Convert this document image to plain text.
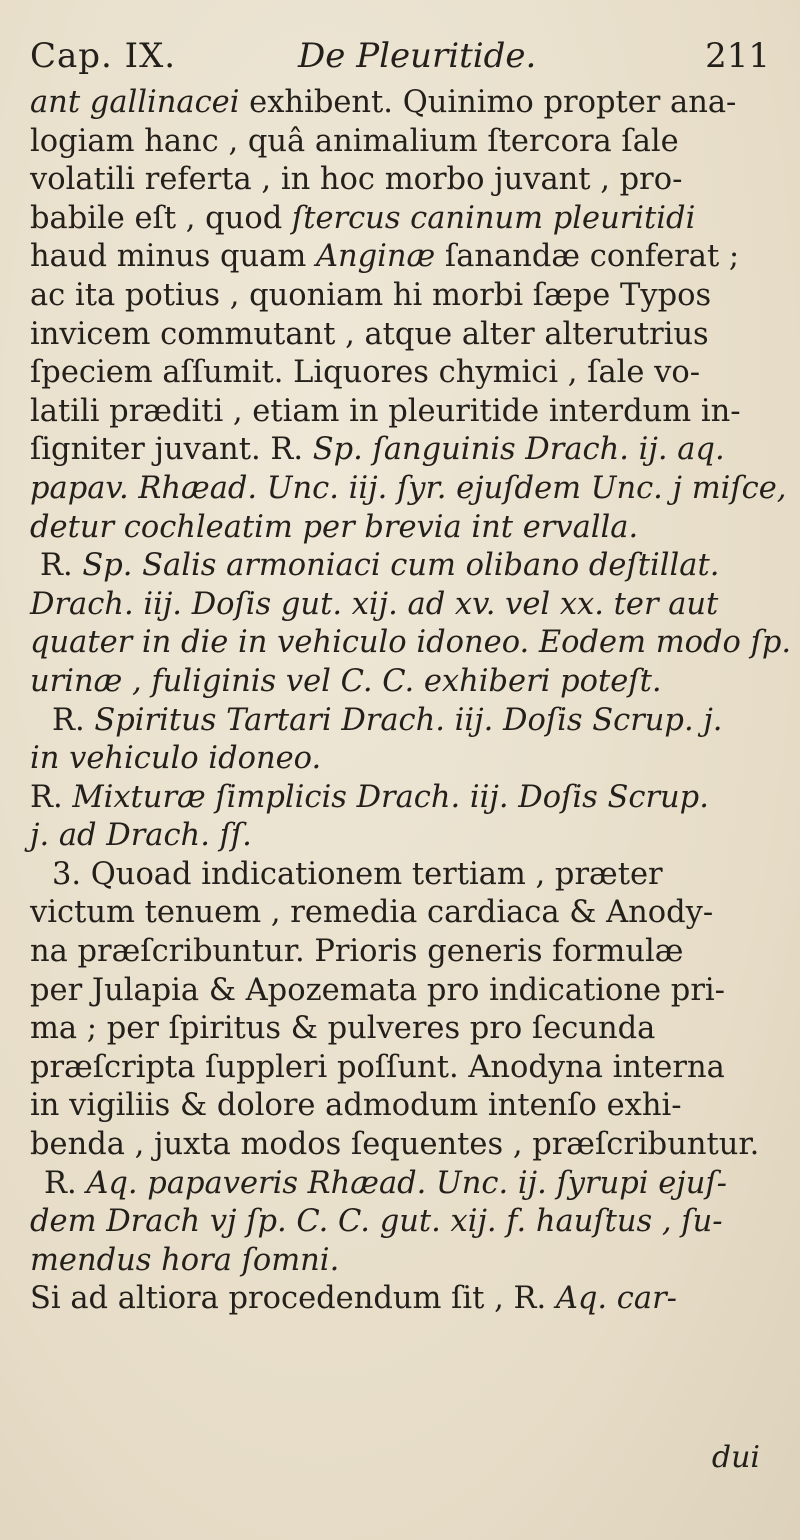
Cap. IX.	De Pleuritide.	211
ant gallinacei exhibent. Quinimo propter ana-
logiam hanc , quâ animalium ſtercora ſale
volatili referta , in hoc morbo juvant , pro-
babile eſt , quod ſtercus caninum pleuritidi
haud minus quam Anginæ ſanandæ conferat ;
ac ita potius , quoniam hi morbi ſæpe Typos
invicem commutant , atque alter alterutrius
ſpeciem aſſumit. Liquores chymici , ſale vo-
latili præditi , etiam in pleuritide interdum in-
ſigniter juvant. R. Sp. ſanguinis Drach. ij. aq.
papav. Rhæad. Unc. iij. ſyr. ejuſdem Unc. j miſce,
detur cochleatim per brevia int ervalla.
R. Sp. Salis armoniaci cum olibano deſtillat.
Drach. iij. Doſis gut. xij. ad xv. vel xx. ter aut
quater in die in vehiculo idoneo. Eodem modo ſp.
urinæ , fuliginis vel C. C. exhiberi poteſt.
R. Spiritus Tartari Drach. iij. Doſis Scrup. j.
in vehiculo idoneo.
R. Mixturæ ſimplicis Drach. iij. Doſis Scrup.
j. ad Drach. ſſ.
3. Quoad indicationem tertiam , præter
victum tenuem , remedia cardiaca & Anody-
na præſcribuntur. Prioris generis formulæ
per Julapia & Apozemata pro indicatione pri-
ma ; per ſpiritus & pulveres pro ſecunda
præſcripta ſuppleri poſſunt. Anodyna interna
in vigiliis & dolore admodum intenſo exhi-
benda , juxta modos ſequentes , præſcribuntur.
R. Aq. papaveris Rhæad. Unc. ij. ſyrupi ejuſ-
dem Drach vj ſp. C. C. gut. xij. f. hauſtus , ſu-
mendus hora ſomni.
Si ad altiora procedendum ſit , R. Aq. car-
dui
